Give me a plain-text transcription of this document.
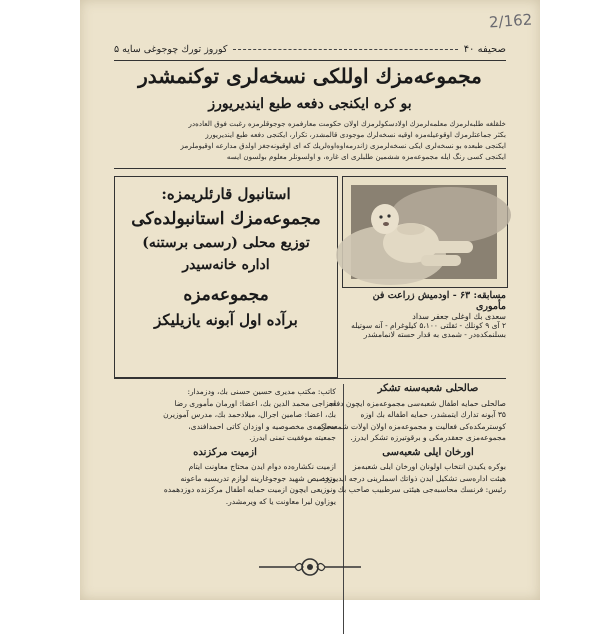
2/162
صحیفه ۴۰
کوروز تورك چوجوغی سایه ۵
مجموعه‌مزك اوللكی نسخه‌لری توكنمشدر
بو كره ایكنجی دفعه طبع ایندیریورز
خلقلغه طلبه‌لرمزك معلمه‌لرمزك اولادسكولرمزك اولان حكومت معارفمزه جوجوقلرمزه رغبت فوق العاده‌در
بكثر جماعتلرمزك اوقوعیله‌مزه اوقیه نسخه‌لرك موجودی قالمشدر، تكرار، ایكنجی دفعه طبع ایندیریورز
ایكنجی طبعده بو نسخه‌لری ایكی نسخه‌لرمزی ژاندرمه‌اوه‌اوه‌لریك كه ای اوقیونه‌جغز اولدق مدارعه اوقیوملرمز
ایكنجی كسی رنگ ایله مجموعه‌مزه ششمین طلبلری ای غاره، و اولسونلر معلوم بولسون ایسه
استانبول قارئلریمزه:
مجموعه‌مزك استانبولده‌كی
توزیع محلی (رسمی برستنه)
اداره خانه‌سیدر
مجموعه‌مزه
برآده اول آبونه یازیلیكز
مسابقه: ۶۳ - اودمیش زراعت فن مأموری
سعدی بك اوغلی جعفر سداد
۲ آی ۹ كونلك - ثقلتی ۵،۱۰۰ كیلوغرام - آنه سوتیله
بسلنمكده‌در - شمدی به قدار حسته لانمامشدر
كاتب: مكتب مدیری حسین حسنی بك، ودزمدار:
اجزاجی محمد الدین بك، اعضا: اورمان مأموری رضا
بك، اعضا: صامین اجرال، میلادحمد بك، مدرس آموزیرن
محاكمه‌ی مخصوصیه و اوزدان كاتی احمدافندی،
جمعیته موفقیت تمنی ایدرز.
ازمیت مركزنده
ازمیت نكشاره‌ده دوام ایدن محتاج معاونت ایتام
وتخصیص شهید جوجوغارینه لوازم تدریسیه ماعونه
ونوزیعی ایچون ازمیت حمایه اطفال مركزنده دوزدهمده
یوزاون لیرا معاونت یا كه ویرمشدر.
صالحلی شعبه‌سنه تشكر
صالحلی حمایه اطفال شعبه‌سی مجموعه‌مزه ایچون دفعه
۳۵ آبونه تدارك ایتمشدر، حمایه اطفاله بك اوزه
كوسترمكده‌كی فعالیت و مجموعه‌مزه اولان اولات شمعه‌مزه
مجموعه‌مزی جعقدرمكی و برقوتیرزه تشكر ایدرز.
اورخان ایلی شعبه‌سی
بوكره یكیدن انتخاب اولونان اورخان ایلی شعبه‌مز
هیئت اداره‌سی تشكیل ایدن ذواتك اسملرینی درجه ایدیورز:
رئیس: فرنسك محاسبه‌جی هیئتی سرطبیب صاحب بك
